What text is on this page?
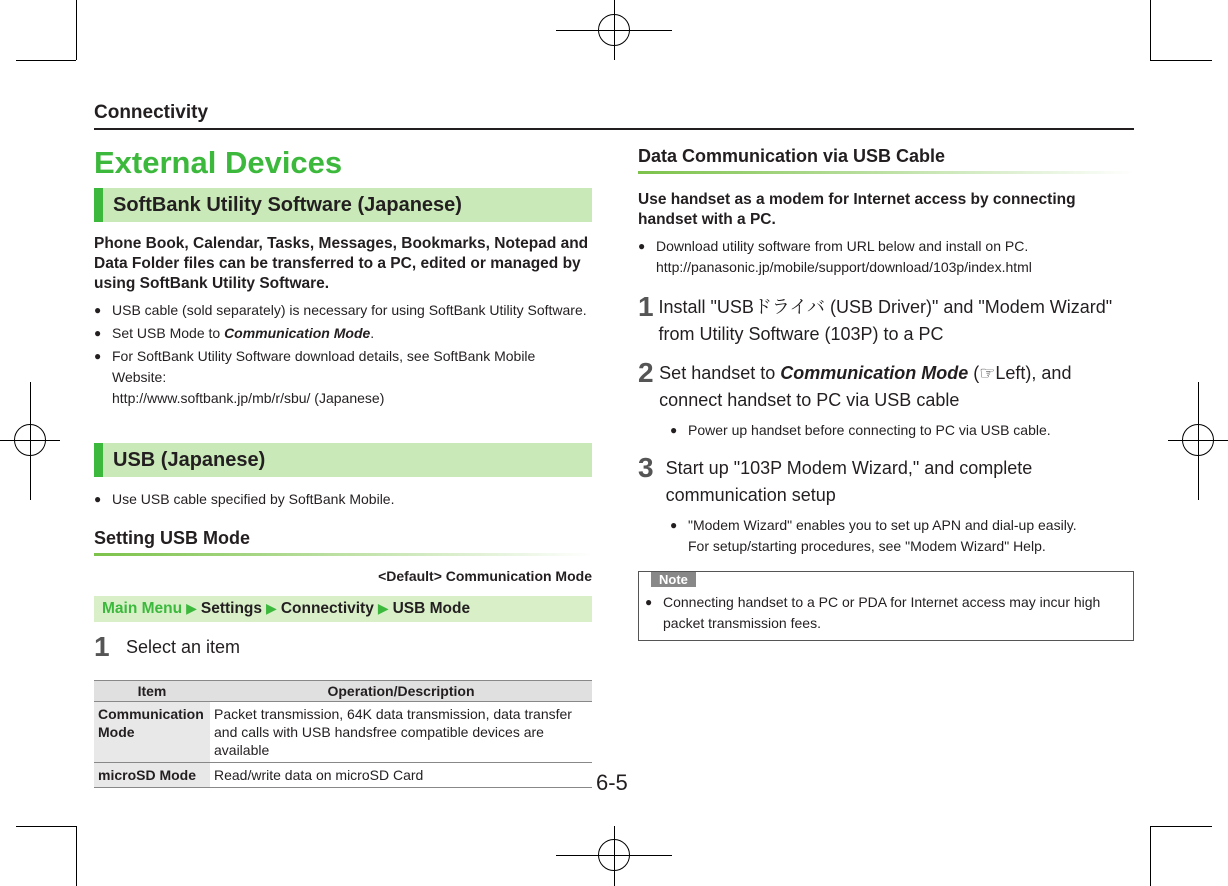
Connectivity
External Devices
SoftBank Utility Software (Japanese)
Phone Book, Calendar, Tasks, Messages, Bookmarks, Notepad and Data Folder files can be transferred to a PC, edited or managed by using SoftBank Utility Software.
● USB cable (sold separately) is necessary for using SoftBank Utility Software.
● Set USB Mode to Communication Mode.
● For SoftBank Utility Software download details, see SoftBank Mobile Website:
http://www.softbank.jp/mb/r/sbu/ (Japanese)
USB (Japanese)
● Use USB cable specified by SoftBank Mobile.
Setting USB Mode
<Default> Communication Mode
Main Menu ▶ Settings ▶ Connectivity ▶ USB Mode
1 Select an item
Item	Operation/Description
Communication Mode	Packet transmission, 64K data transmission, data transfer and calls with USB handsfree compatible devices are available
microSD Mode	Read/write data on microSD Card
Data Communication via USB Cable
Use handset as a modem for Internet access by connecting handset with a PC.
● Download utility software from URL below and install on PC.
http://panasonic.jp/mobile/support/download/103p/index.html
1 Install "USBドライバ (USB Driver)" and "Modem Wizard" from Utility Software (103P) to a PC
2 Set handset to Communication Mode (☞Left), and connect handset to PC via USB cable
● Power up handset before connecting to PC via USB cable.
3 Start up "103P Modem Wizard," and complete communication setup
● "Modem Wizard" enables you to set up APN and dial-up easily.
For setup/starting procedures, see "Modem Wizard" Help.
Note
● Connecting handset to a PC or PDA for Internet access may incur high packet transmission fees.
6-5
